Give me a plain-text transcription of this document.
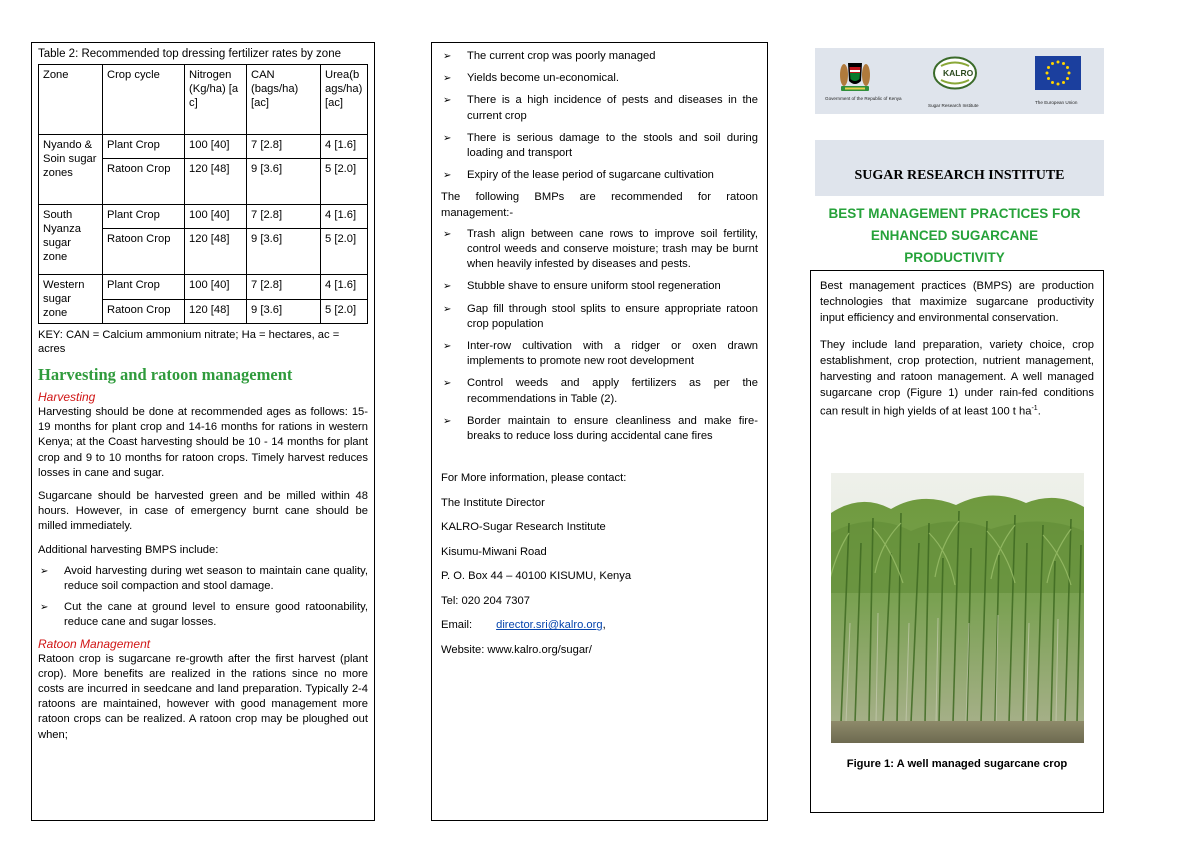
Table 2: Recommended top dressing fertilizer rates by zone
Zone	Crop cycle	Nitrogen (Kg/ha) [ac]	CAN (bags/ha) [ac]	Urea(bags/ha) [ac]
Nyando & Soin sugar zones	Plant Crop	100 [40]	7 [2.8]	4 [1.6]
	Ratoon Crop	120 [48]	9 [3.6]	5 [2.0]
South Nyanza sugar zone	Plant Crop	100 [40]	7 [2.8]	4 [1.6]
	Ratoon Crop	120 [48]	9 [3.6]	5 [2.0]
Western sugar zone	Plant Crop	100 [40]	7 [2.8]	4 [1.6]
	Ratoon Crop	120 [48]	9 [3.6]	5 [2.0]
KEY: CAN = Calcium ammonium nitrate; Ha = hectares, ac = acres
Harvesting and ratoon management
Harvesting

Harvesting should be done at recommended ages as follows: 15-19 months for plant crop and 14-16 months for rations in western Kenya; at the Coast harvesting should be 10 - 14 months for plant crop and 9 to 10 months for ratoon crops. Timely harvest reduces losses in cane and sugar.

Sugarcane should be harvested green and be milled within 48 hours. However, in case of emergency burnt cane should be milled immediately.

Additional harvesting BMPS include:

➢ Avoid harvesting during wet season to maintain cane quality, reduce soil compaction and stool damage.
➢ Cut the cane at ground level to ensure good ratoonability, reduce cane and sugar losses.
Ratoon Management

Ratoon crop is sugarcane re-growth after the first harvest (plant crop). More benefits are realized in the rations since no more costs are incurred in seedcane and land preparation. Typically 2-4 ratoons are maintained, however with good management more ratoon crops can be realized. A ratoon crop may be ploughed out when;

➢ The current crop was poorly managed
➢ Yields become un-economical.
➢ There is a high incidence of pests and diseases in the current crop
➢ There is serious damage to the stools and soil during loading and transport
➢ Expiry of the lease period of sugarcane cultivation

The following BMPs are recommended for ratoon management:-

➢ Trash align between cane rows to improve soil fertility, control weeds and conserve moisture; trash may be burnt when heavily infested by diseases and pests.
➢ Stubble shave to ensure uniform stool regeneration
➢ Gap fill through stool splits to ensure appropriate ratoon crop population
➢ Inter-row cultivation with a ridger or oxen drawn implements to promote new root development
➢ Control weeds and apply fertilizers as per the recommendations in Table (2).
➢ Border maintain to ensure cleanliness and make fire-breaks to reduce loss during accidental cane fires
For More information, please contact:
The Institute Director
KALRO-Sugar Research Institute
Kisumu-Miwani Road
P. O. Box 44 – 40100 KISUMU, Kenya
Tel: 020 204 7307
Email: director.sri@kalro.org,
Website: www.kalro.org/sugar/
Government of the Republic of Kenya
KALRO
Sugar Research Institute
The European Union
SUGAR RESEARCH INSTITUTE
BEST MANAGEMENT PRACTICES FOR
ENHANCED SUGARCANE
PRODUCTIVITY

Best management practices (BMPS) are production technologies that maximize sugarcane productivity input efficiency and environmental conservation.

They include land preparation, variety choice, crop establishment, crop protection, nutrient management, harvesting and ratoon management. A well managed sugarcane crop (Figure 1) under rain-fed conditions can result in high yields of at least 100 t $ha^{-1}$.

Figure 1: A well managed sugarcane crop
